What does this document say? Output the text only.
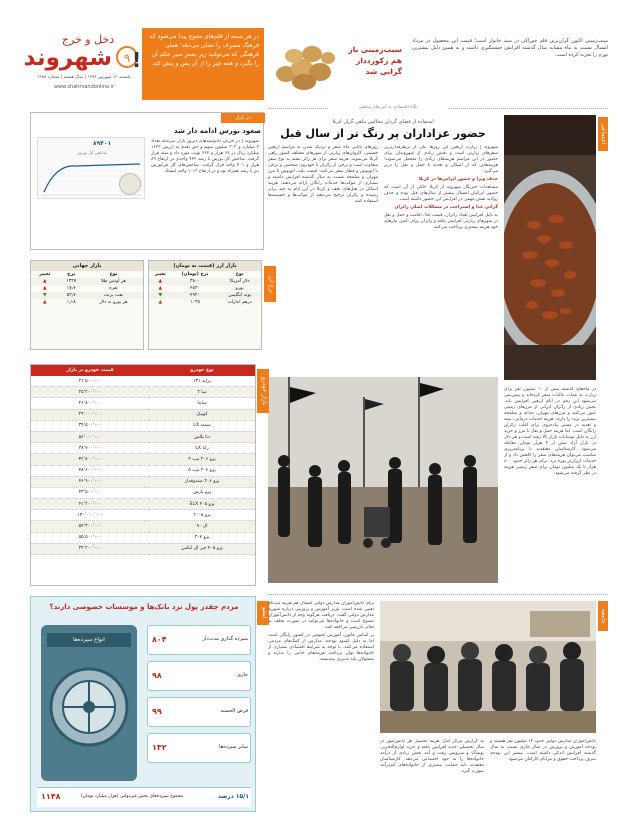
دخل و خرج
شهروند ۹
یکشنبه ۱۲ شهریور ۱۳۹۶ | سال هشتم | شماره ۱۲۸۸
www.shahrvandonline.ir
در هر بسته از قلم‌های متنوع پیدا می‌شود که فرهنگ مصرف را نشان می‌دهد؛ همان فرهنگی که می‌توانید زیر بستر سیر حکم آن را بگیرد و همه چیز را از آن پس و پیش کند.
!	سیب‌زمینی باز هم رکورددار گرانی شد
سیب‌زمینی اکنون گران‌ترین قلم خوراکی در سبد خانوار است؛ قیمت این محصول در مرداد امسال نسبت به ماه مشابه سال گذشته افزایش چشمگیری داشته و به همین دلیل بیشترین تورم را تجربه کرده است.
اجتماعی
نگاه اقتصادی به آیین‌های مذهبی
استفاده از فضای گردان مجالس ماهی گران کربلا
حضور عزاداران پر رنگ تر از سال قبل

شهروند | زیارت اربعین این روزها یکی از پرطرفدارترین سفرهای زیارتی است و بخش زیادی از شهروندان برای حضور در این مراسم هزینه‌های زیادی را متحمل می‌شوند؛ هزینه‌هایی که از اسکان و تغذیه تا حمل و نقل را دربر می‌گیرد.

حذف ویزا و حضور ایرانی‌ها در کربلا

مشاهدات خبرنگار شهروند از کربلا حاکی از آن است که حضور ایرانیان امسال بیشتر از سال‌های قبل بوده و حذف روادید نقش مهمی در افزایش این حضور داشته است.

گرانی غذا و استراحت در مشکلات اصلی زائران

به دلیل افزایش تعداد زائران، قیمت غذا، اقامت و حمل و نقل در شهرهای زیارتی افزایش یافته و زائران برای تامین نیازهای خود هزینه بیشتری پرداخت می‌کنند.

روزهای پایانی ماه صفر و نزدیک شدن به مراسم اربعین حسینی، کاروان‌های زیارتی از شهرهای مختلف کشور راهی کربلا می‌شوند. هزینه سفر برای هر زائر بسته به نوع سفر متفاوت است و برخی از زائران با خودروی شخصی و برخی با اتوبوس و قطار سفر می‌کنند. قیمت بلیت اتوبوس تا مرز مهران و شلمچه نسبت به سال گذشته افزایش داشته و بسیاری از موکب‌ها خدمات رایگان ارائه می‌دهند. هزینه اسکان در هتل‌های نجف و کربلا در این ایام به چند برابر رسیده و زائران ترجیح می‌دهند از موکب‌ها و حسینیه‌ها استفاده کنند.

در ماه‌های گذشته بیش از ۱۰ میلیون نفر برای زیارت به عتبات عالیات سفر کرده‌اند و پیش‌بینی می‌شود این رقم در ایام اربعین افزایش یابد. بخش زیادی از زائران ایرانی از مرزهای زمینی عبور می‌کنند و مرزهای مهران، چذابه و شلمچه بیشترین تردد را دارند. هزینه خدمات درمانی، بیمه و تغذیه در مسیر پیاده‌روی برای اغلب زائران رایگان است. اما هزینه حمل و نقل تا مرز و خرید ارز به دلیل نوسانات بازار بالا رفته است و هر دلار در بازار آزاد بیش از ۴ هزار تومان معامله می‌شود. کارشناسان معتقدند با برنامه‌ریزی مناسب می‌توان هزینه‌های سفر را کاهش داد و از خدمات ارزان‌تر بهره برد. برای هر زائر حدود ۸۰۰ هزار تا یک میلیون تومان برای سفر زمینی هزینه در نظر گرفته می‌شود.
در بازار
صعود بورس ادامه دار شد
۸۹۴۰۱
شاخص کل بورس
شهروند | در جریان دادوستدهای دیروز بازار سرمایه تعداد ۳ میلیارد و ۳۰۳ میلیون سهم و حق تقدم به ارزش ۱۶۳۳ میلیارد ریال در ۶۷ هزار و ۲۶۲ نوبت مورد داد و ستد قرار گرفت. شاخص کل بورس با رشد ۹۲۲ واحدی در ارتفاع ۸۹ هزار و ۴۰۱ واحد قرار گرفت. شاخص‌های کل فرابورس نیز با رشد همراه بود و در ارتفاع ۱۰۱۳ واحد ایستاد.
نرخ ارز
بازار ارز (قیمت به تومان)
نوع	نرخ (تومان)	تغییر
دلار آمریکا	۳۸۰۰	▲
یورو	۴۵۳۰	▲
پوند انگلیس	۴۹۲۰	▼
درهم امارات	۱۰۳۵	▲
بازار جهانی
نوع	نرخ	تغییر
هر اونس طلا	۱۳۲۷	▲
نقره	۱۷٫۷	▲
نفت برنت	۵۲٫۷	▼
هر یورو به دلار	۱٫۱۸	▲
بازار خودرو
نوع خودرو	قیمت خودرو در بازار
پراید ۱۳۱	۲۱٬۵۰۰٬۰۰۰
تیبا ۲	۲۵٬۲۰۰٬۰۰۰
ساینا	۲۶٬۸۰۰٬۰۰۰
کوییک	۲۹٬۰۰۰٬۰۰۰
سمند LX	۳۹٬۵۰۰٬۰۰۰
دنا پلاس	۵۶٬۰۰۰٬۰۰۰
رانا LX	۳۸٬۷۰۰٬۰۰۰
پژو ۲۰۶ تیپ ۲	۴۲٬۸۰۰٬۰۰۰
پژو ۲۰۶ تیپ ۵	۴۸٬۶۰۰٬۰۰۰
پژو ۲۰۶ صندوقدار	۴۶٬۹۰۰٬۰۰۰
پژو پارس	۴۳٬۵۰۰٬۰۰۰
پژو ۴۰۵ SLX	۴۱٬۲۰۰٬۰۰۰
پژو ۲۰۰۸	۱۳۰٬۰۰۰٬۰۰۰
ال ۹۰	۵۴٬۳۰۰٬۰۰۰
پژو ۲۰۷	۵۵٬۵۰۰٬۰۰۰
پژو ۴۰۵ جی ال ایکس	۳۴٬۲۰۰٬۰۰۰
اینفو
مردم چقدر پول نزد بانک‌ها و موسسات خصوصی دارند؟
انواع سپرده‌ها	۸۰۴	سپرده گذاری مدت‌دار
۹۸	جاری
۹۹	قرض الحسنه
۱۴۲	سایر سپرده‌ها
۱۱۴۸	مجموع سپرده‌های بخش غیردولتی (هزار میلیارد تومان)	۱۵/۱ درصد
جامعه

برای دانش‌آموزان مدارس دولتی امسال هم هزینه ثبت‌نام تعیین شده است. وزیر آموزش و پرورش درباره شهریه مدارس دولتی گفت: دریافت هرگونه وجه از دانش‌آموزان ممنوع است و خانواده‌ها می‌توانند در صورت تخلف به دفاتر بازرسی مراجعه کنند.

بر اساس قانون، آموزش عمومی در کشور رایگان است اما به دلیل کمبود بودجه، مدارس از کمک‌های مردمی استفاده می‌کنند. با توجه به شرایط اقتصادی بسیاری از خانواده‌ها توان پرداخت هزینه‌های جانبی را ندارند و مسئولان باید تدبیری بیندیشند.

به گزارش مرکز آمار، هزینه تحصیل هر دانش‌آموز در سال تحصیلی جدید افزایش یافته و خرید لوازم‌التحریر، پوشاک و سرویس رفت و آمد بخش زیادی از درآمد خانواده‌ها را به خود اختصاص می‌دهد. کارشناسان معتقدند باید حمایت بیشتری از خانواده‌های کم‌درآمد صورت گیرد.

دانش‌آموزان مدارس دولتی حدود ۱۲ میلیون نفر هستند و بودجه آموزش و پرورش در سال جاری نسبت به سال گذشته افزایش اندکی داشته است. بیشتر این بودجه صرف پرداخت حقوق و مزایای کارکنان می‌شود.
